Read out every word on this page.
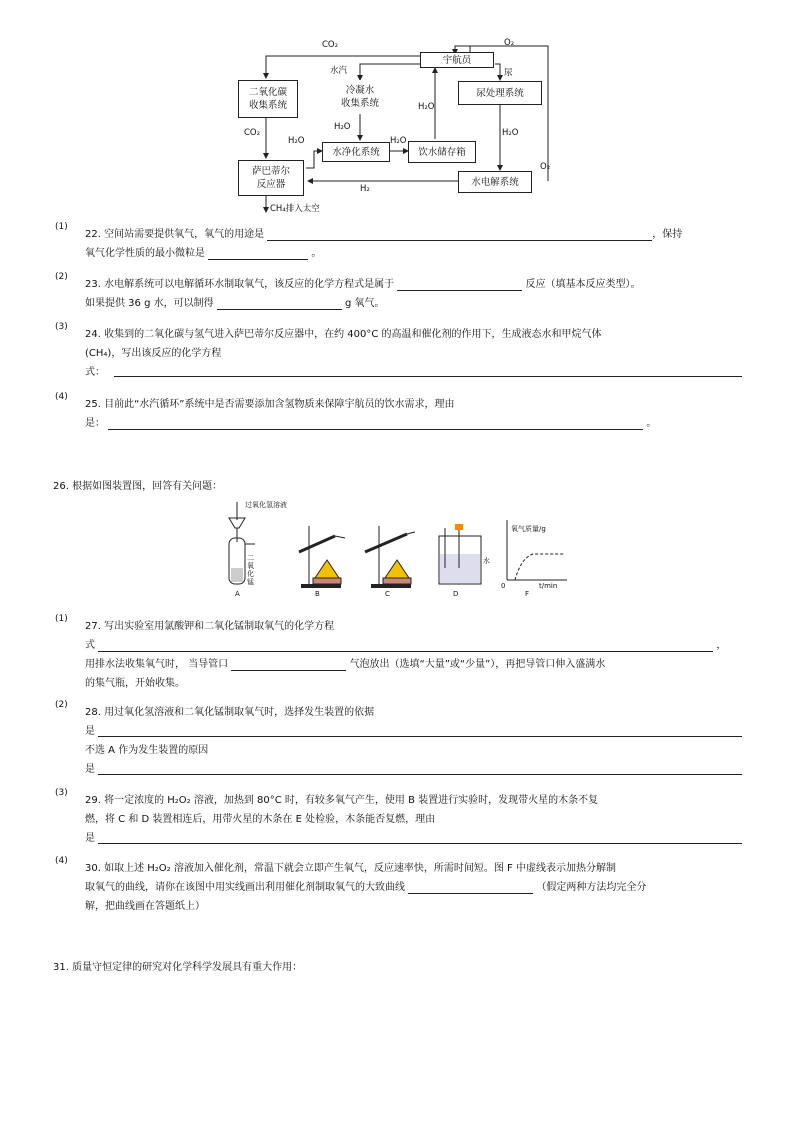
宇航员
二氧化碳
收集系统
冷凝水
收集系统
尿处理系统
水净化系统	饮水储存箱
萨巴蒂尔
反应器	水电解系统
CO₂	O₂
水汽	尿
H₂O
H₂O
H₂O	H₂O
H₂O
CO₂
O₂
H₂
CH₄排入太空
(1)
22. 空间站需要提供氧气，氧气的用途是	，保持
氧气化学性质的最小微粒是	。
(2)
23. 水电解系统可以电解循环水制取氧气，该反应的化学方程式是属于	反应（填基本反应类型）。
如果提供 36 g 水，可以制得	g 氧气。
(3)
24. 收集到的二氧化碳与氢气进入萨巴蒂尔反应器中，在约 400°C 的高温和催化剂的作用下，生成液态水和甲烷气体
(CH₄)，写出该反应的化学方程
式：
(4)
25. 目前此“水汽循环”系统中是否需要添加含氢物质来保障宇航员的饮水需求，理由
是：	。
26. 根据如图装置图，回答有关问题：
过氧化氢溶液
二氧化锰
水
氧气质量/g
t/min
0
A	B	C	D	F
(1)
27. 写出实验室用氯酸钾和二氧化锰制取氧气的化学方程
式	，
用排水法收集氧气时， 当导管口	气泡放出（选填“大量”或“少量”），再把导管口伸入盛满水
的集气瓶，开始收集。
(2)
28. 用过氧化氢溶液和二氧化锰制取氧气时，选择发生装置的依据
是
不选 A 作为发生装置的原因
是
(3)
29. 将一定浓度的 H₂O₂ 溶液，加热到 80°C 时，有较多氧气产生，使用 B 装置进行实验时，发现带火星的木条不复
燃，将 C 和 D 装置相连后，用带火星的木条在 E 处检验，木条能否复燃，理由
是
(4)
30. 如取上述 H₂O₂ 溶液加入催化剂，常温下就会立即产生氧气，反应速率快，所需时间短。图 F 中虚线表示加热分解制
取氧气的曲线，请你在该图中用实线画出利用催化剂制取氧气的大致曲线	（假定两种方法均完全分
解，把曲线画在答题纸上）
31. 质量守恒定律的研究对化学科学发展具有重大作用：
